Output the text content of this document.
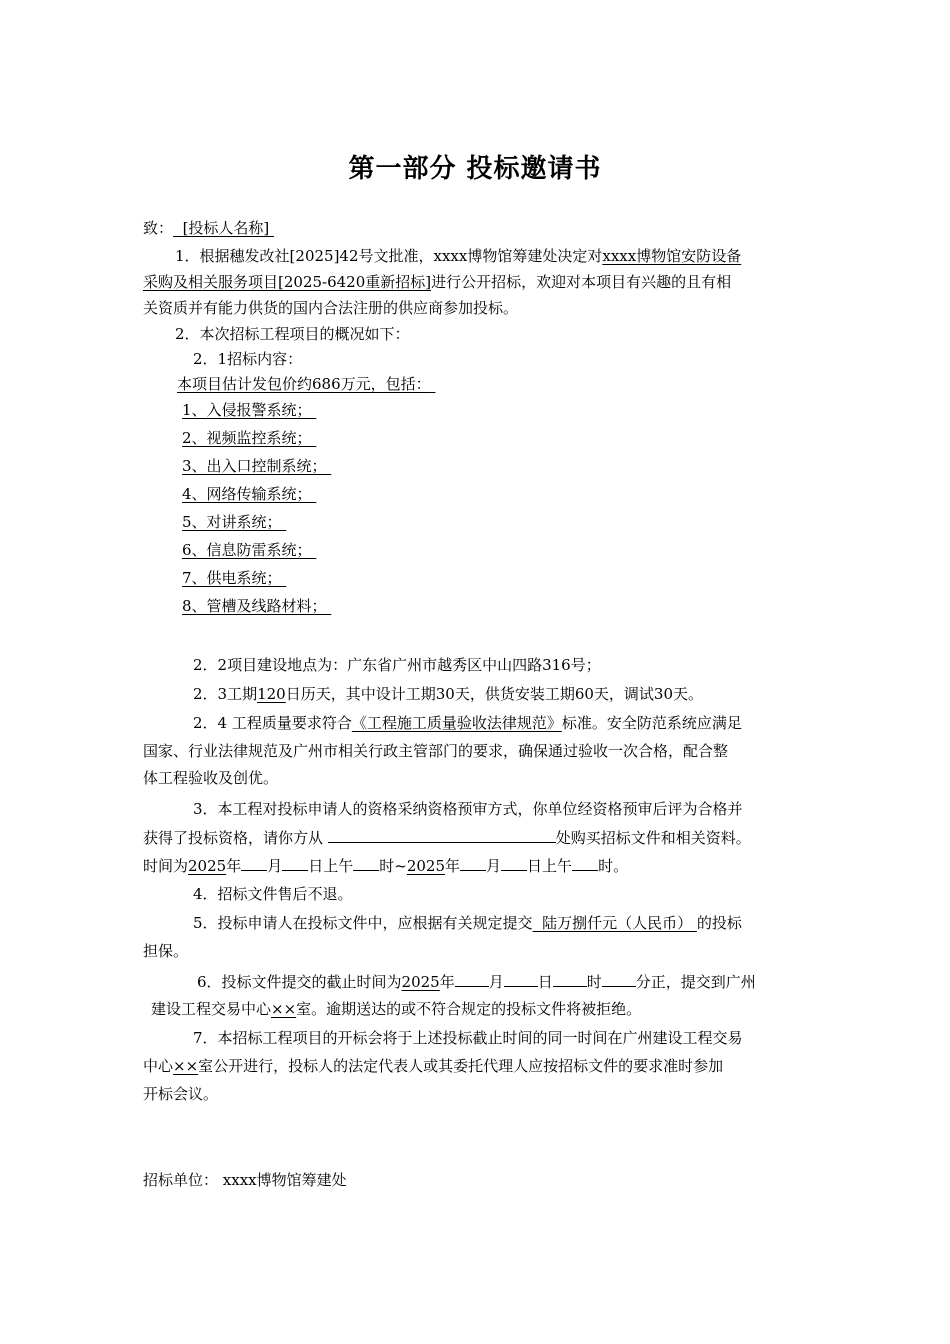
第一部分 投标邀请书
致： [投标人名称]
1．根据穗发改社[2025]42号文批准，xxxx博物馆筹建处决定对xxxx博物馆安防设备
采购及相关服务项目[2025-6420重新招标]进行公开招标，欢迎对本项目有兴趣的且有相
关资质并有能力供货的国内合法注册的供应商参加投标。
2．本次招标工程项目的概况如下：
2．1招标内容：
本项目估计发包价约686万元，包括：
1、入侵报警系统；
2、视频监控系统；
3、出入口控制系统；
4、网络传输系统；
5、对讲系统；
6、信息防雷系统；
7、供电系统；
8、管槽及线路材料；
2．2项目建设地点为：广东省广州市越秀区中山四路316号；
2．3工期120日历天，其中设计工期30天，供货安装工期60天，调试30天。
2．4 工程质量要求符合《工程施工质量验收法律规范》标准。安全防范系统应满足
国家、行业法律规范及广州市相关行政主管部门的要求，确保通过验收一次合格，配合整
体工程验收及创优。
3．本工程对投标申请人的资格采纳资格预审方式，你单位经资格预审后评为合格并
获得了投标资格，请你方从	处购买招标文件和相关资料。
时间为2025年 月 日上午 时~2025年 月 日上午 时。
4．招标文件售后不退。
5．投标申请人在投标文件中，应根据有关规定提交 陆万捌仟元（人民币） 的投标
担保。
6．投标文件提交的截止时间为2025年 月 日 时 分正，提交到广州
建设工程交易中心××室。逾期送达的或不符合规定的投标文件将被拒绝。
7．本招标工程项目的开标会将于上述投标截止时间的同一时间在广州建设工程交易
中心××室公开进行，投标人的法定代表人或其委托代理人应按招标文件的要求准时参加
开标会议。
招标单位： xxxx博物馆筹建处
